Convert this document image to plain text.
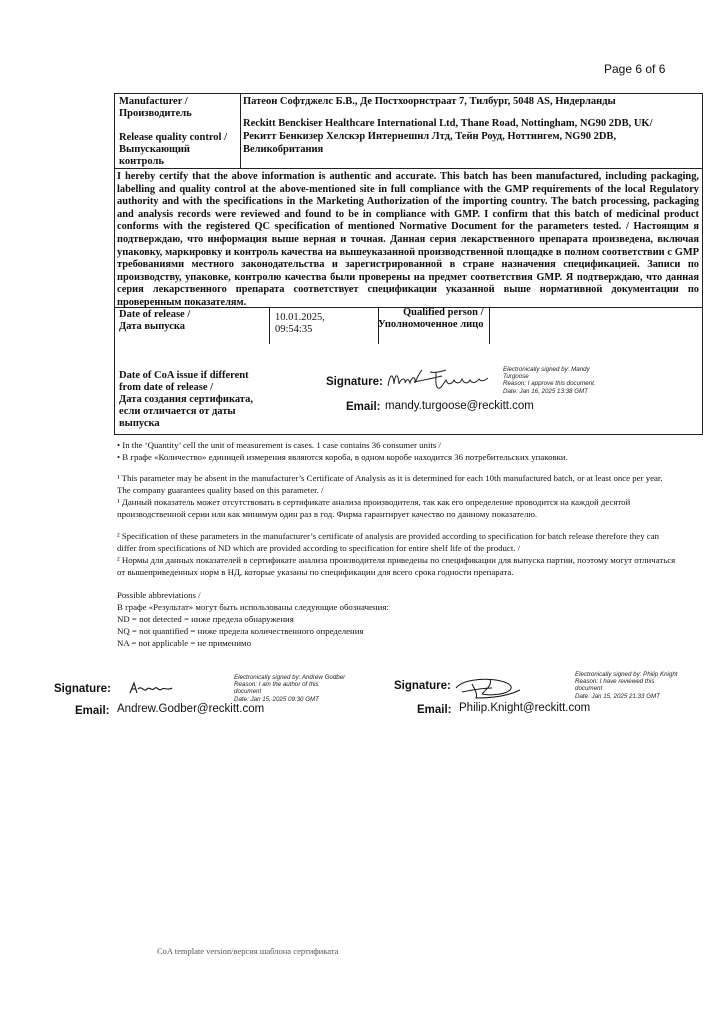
Page 6 of 6
Manufacturer /
Производитель
Патеон Софтджелс Б.В., Де Постхоорнстраат 7, Тилбург, 5048 AS, Нидерланды
Release quality control /
Выпускающий
контроль
Reckitt Benckiser Healthcare International Ltd, Thane Road, Nottingham, NG90 2DB, UK/
Рекитт Бенкизер Хелскэр Интернешнл Лтд, Тейн Роуд, Ноттингем, NG90 2DB,
Великобритания
I hereby certify that the above information is authentic and accurate. This batch has been manufactured, including packaging, labelling and quality control at the above-mentioned site in full compliance with the GMP requirements of the local Regulatory authority and with the specifications in the Marketing Authorization of the importing country. The batch processing, packaging and analysis records were reviewed and found to be in compliance with GMP. I confirm that this batch of medicinal product conforms with the registered QC specification of mentioned Normative Document for the parameters tested. / Настоящим я подтверждаю, что информация выше верная и точная. Данная серия лекарственного препарата произведена, включая упаковку, маркировку и контроль качества на вышеуказанной производственной площадке в полном соответствии с GMP требованиями местного законодательства и зарегистрированной в стране назначения спецификацией. Записи по производству, упаковке, контролю качества были проверены на предмет соответствия GMP. Я подтверждаю, что данная серия лекарственного препарата соответствует спецификации указанной выше нормативной документации по проверенным показателям.
Date of release /
Дата выпуска
10.01.2025,
09:54:35
Qualified person /
Уполномоченное лицо
Date of CoA issue if different
from date of release /
Дата создания сертификата,
если отличается от даты
выпуска
Signature:
Electronically signed by: Mandy
Turgoose
Reason: I approve this document.
Date: Jan 16, 2025 13:38 GMT
Email: mandy.turgoose@reckitt.com
• In the ‘Quantity’ cell the unit of measurement is cases. 1 case contains 36 consumer units /
• В графе «Количество» единицей измерения являются короба, в одном коробе находится 36 потребительских упаковки.
¹ This parameter may be absent in the manufacturer’s Certificate of Analysis as it is determined for each 10th manufactured batch, or at least once per year. The company guarantees quality based on this parameter. /
¹ Данный показатель может отсутствовать в сертификате анализа производителя, так как его определение проводится на каждой десятой производственной серии или как минимум один раз в год. Фирма гарантирует качество по данному показателю.
² Specification of these parameters in the manufacturer’s certificate of analysis are provided according to specification for batch release therefore they can differ from specifications of ND which are provided according to specification for entire shelf life of the product. /
² Нормы для данных показателей в сертификате анализа производителя приведены по спецификации для выпуска партии, поэтому могут отличаться от вышеприведенных норм в НД, которые указаны по спецификации для всего срока годности препарата.
Possible abbreviations /
В графе «Результат» могут быть использованы следующие обозначения:
ND = not detected = ниже предела обнаружения
NQ = not quantified = ниже предела количественного определения
NA = not applicable = не применимо
Signature:
Electronically signed by: Andrew Godber
Reason: I am the author of this
document
Date: Jan 15, 2025 09:30 GMT
Email: Andrew.Godber@reckitt.com
Signature:
Electronically signed by: Philip Knight
Reason: I have reviewed this
document
Date: Jan 15, 2025 21:33 GMT
Email: Philip.Knight@reckitt.com
CoA template version/версия шаблона сертификата
